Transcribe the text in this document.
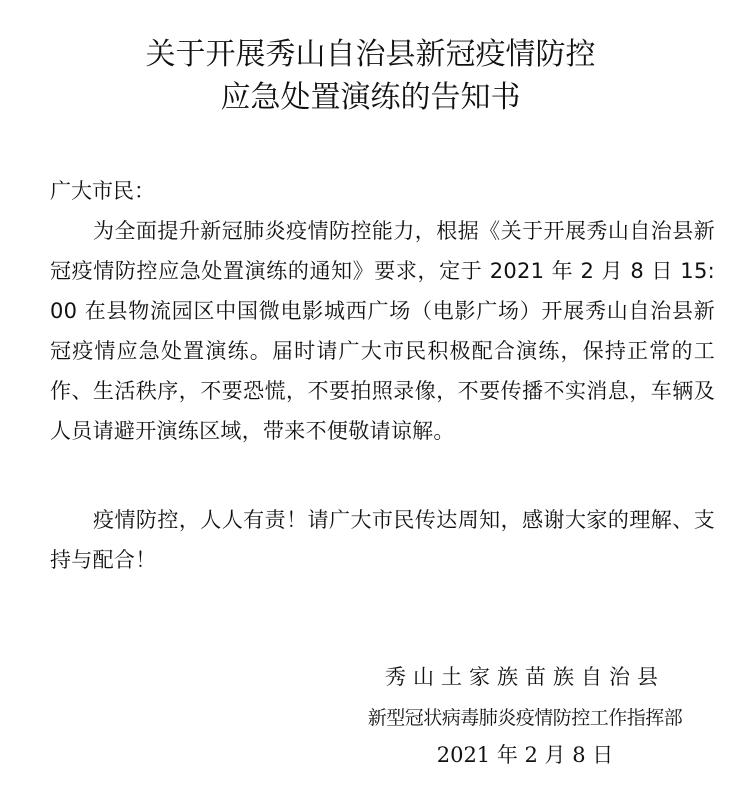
关于开展秀山自治县新冠疫情防控
应急处置演练的告知书
广大市民：

为全面提升新冠肺炎疫情防控能力，根据《关于开展秀山自治县新冠疫情防控应急处置演练的通知》要求，定于 2021 年 2 月 8 日 15:00 在县物流园区中国微电影城西广场（电影广场）开展秀山自治县新冠疫情应急处置演练。届时请广大市民积极配合演练，保持正常的工作、生活秩序，不要恐慌，不要拍照录像，不要传播不实消息，车辆及人员请避开演练区域，带来不便敬请谅解。

疫情防控，人人有责！请广大市民传达周知，感谢大家的理解、支持与配合！

秀山土家族苗族自治县
新型冠状病毒肺炎疫情防控工作指挥部
2021 年 2 月 8 日
